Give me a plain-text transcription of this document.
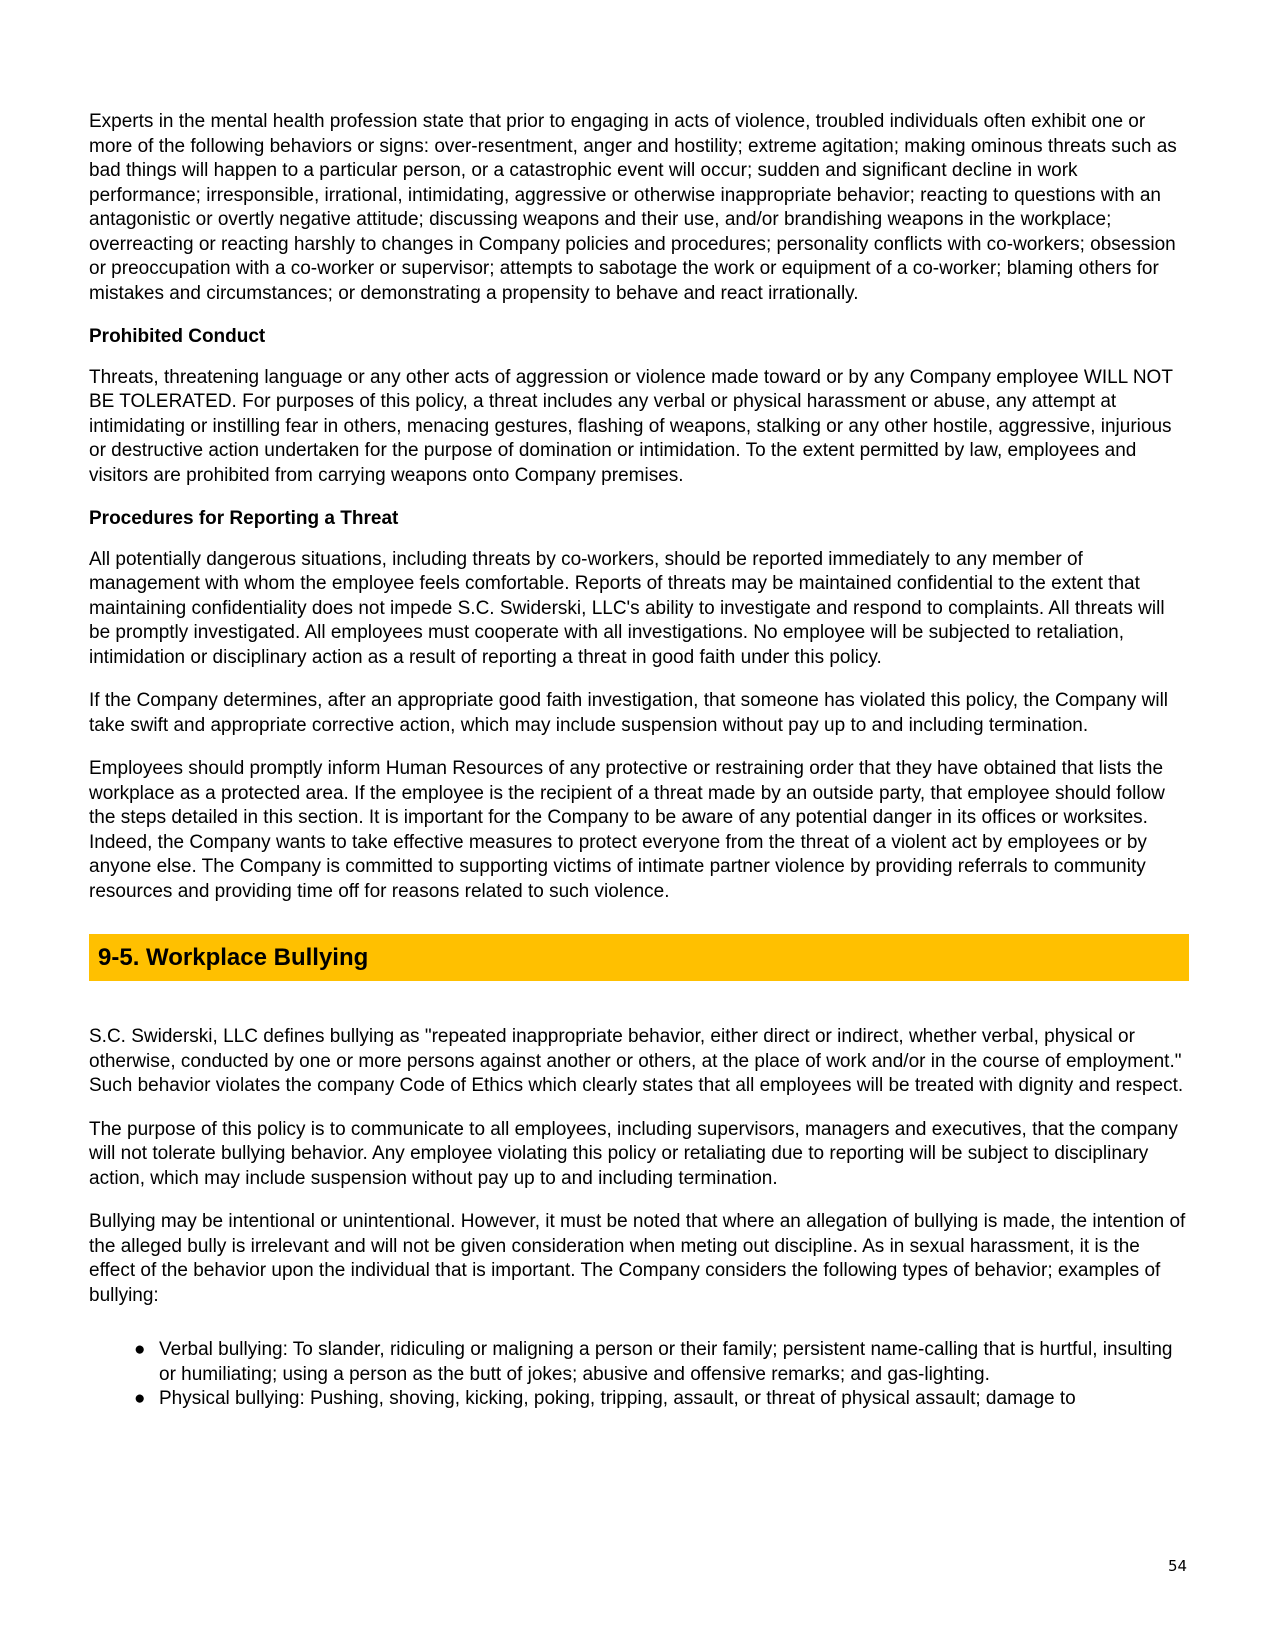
Experts in the mental health profession state that prior to engaging in acts of violence, troubled individuals often exhibit one or more of the following behaviors or signs: over-resentment, anger and hostility; extreme agitation; making ominous threats such as bad things will happen to a particular person, or a catastrophic event will occur; sudden and significant decline in work performance; irresponsible, irrational, intimidating, aggressive or otherwise inappropriate behavior; reacting to questions with an antagonistic or overtly negative attitude; discussing weapons and their use, and/or brandishing weapons in the workplace; overreacting or reacting harshly to changes in Company policies and procedures; personality conflicts with co-workers; obsession or preoccupation with a co-worker or supervisor; attempts to sabotage the work or equipment of a co-worker; blaming others for mistakes and circumstances; or demonstrating a propensity to behave and react irrationally.

Prohibited Conduct

Threats, threatening language or any other acts of aggression or violence made toward or by any Company employee WILL NOT BE TOLERATED. For purposes of this policy, a threat includes any verbal or physical harassment or abuse, any attempt at intimidating or instilling fear in others, menacing gestures, flashing of weapons, stalking or any other hostile, aggressive, injurious or destructive action undertaken for the purpose of domination or intimidation. To the extent permitted by law, employees and visitors are prohibited from carrying weapons onto Company premises.

Procedures for Reporting a Threat

All potentially dangerous situations, including threats by co-workers, should be reported immediately to any member of management with whom the employee feels comfortable. Reports of threats may be maintained confidential to the extent that maintaining confidentiality does not impede S.C. Swiderski, LLC's ability to investigate and respond to complaints. All threats will be promptly investigated. All employees must cooperate with all investigations. No employee will be subjected to retaliation, intimidation or disciplinary action as a result of reporting a threat in good faith under this policy.

If the Company determines, after an appropriate good faith investigation, that someone has violated this policy, the Company will take swift and appropriate corrective action, which may include suspension without pay up to and including termination.

Employees should promptly inform Human Resources of any protective or restraining order that they have obtained that lists the workplace as a protected area. If the employee is the recipient of a threat made by an outside party, that employee should follow the steps detailed in this section. It is important for the Company to be aware of any potential danger in its offices or worksites. Indeed, the Company wants to take effective measures to protect everyone from the threat of a violent act by employees or by anyone else. The Company is committed to supporting victims of intimate partner violence by providing referrals to community resources and providing time off for reasons related to such violence.

9-5. Workplace Bullying

S.C. Swiderski, LLC defines bullying as "repeated inappropriate behavior, either direct or indirect, whether verbal, physical or otherwise, conducted by one or more persons against another or others, at the place of work and/or in the course of employment." Such behavior violates the company Code of Ethics which clearly states that all employees will be treated with dignity and respect.

The purpose of this policy is to communicate to all employees, including supervisors, managers and executives, that the company will not tolerate bullying behavior. Any employee violating this policy or retaliating due to reporting will be subject to disciplinary action, which may include suspension without pay up to and including termination.

Bullying may be intentional or unintentional. However, it must be noted that where an allegation of bullying is made, the intention of the alleged bully is irrelevant and will not be given consideration when meting out discipline. As in sexual harassment, it is the effect of the behavior upon the individual that is important. The Company considers the following types of behavior; examples of bullying:

● Verbal bullying: To slander, ridiculing or maligning a person or their family; persistent name-calling that is hurtful, insulting or humiliating; using a person as the butt of jokes; abusive and offensive remarks; and gas-lighting.
● Physical bullying: Pushing, shoving, kicking, poking, tripping, assault, or threat of physical assault; damage to
54
